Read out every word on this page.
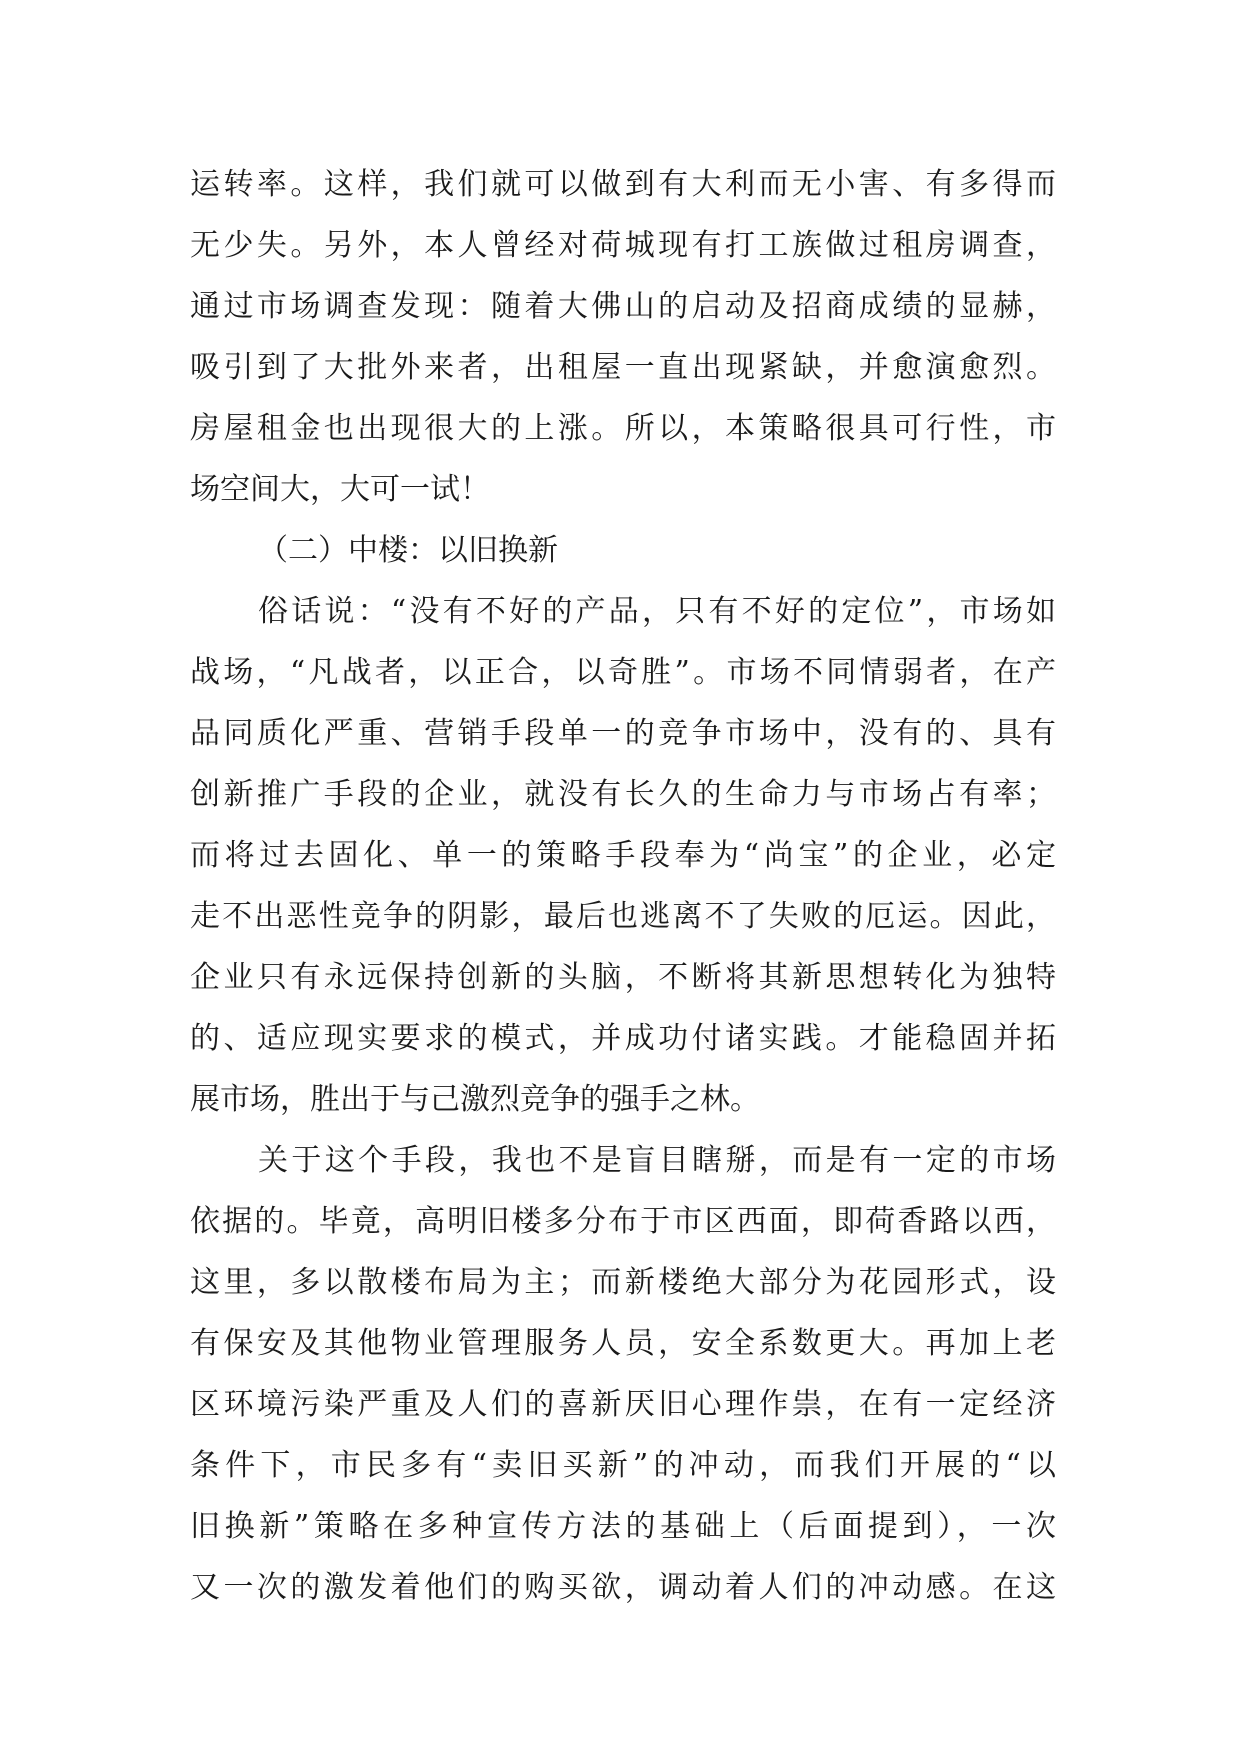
运转率。这样，我们就可以做到有大利而无小害、有多得而
无少失。另外，本人曾经对荷城现有打工族做过租房调查，
通过市场调查发现：随着大佛山的启动及招商成绩的显赫，
吸引到了大批外来者，出租屋一直出现紧缺，并愈演愈烈。
房屋租金也出现很大的上涨。所以，本策略很具可行性，市
场空间大，大可一试！
（二）中楼：以旧换新
俗话说：“没有不好的产品，只有不好的定位”，市场如
战场，“凡战者，以正合，以奇胜”。市场不同情弱者，在产
品同质化严重、营销手段单一的竞争市场中，没有的、具有
创新推广手段的企业，就没有长久的生命力与市场占有率；
而将过去固化、单一的策略手段奉为“尚宝”的企业，必定
走不出恶性竞争的阴影，最后也逃离不了失败的厄运。因此，
企业只有永远保持创新的头脑，不断将其新思想转化为独特
的、适应现实要求的模式，并成功付诸实践。才能稳固并拓
展市场，胜出于与己激烈竞争的强手之林。
关于这个手段，我也不是盲目瞎掰，而是有一定的市场
依据的。毕竟，高明旧楼多分布于市区西面，即荷香路以西，
这里，多以散楼布局为主；而新楼绝大部分为花园形式，设
有保安及其他物业管理服务人员，安全系数更大。再加上老
区环境污染严重及人们的喜新厌旧心理作祟，在有一定经济
条件下，市民多有“卖旧买新”的冲动，而我们开展的“以
旧换新”策略在多种宣传方法的基础上（后面提到），一次
又一次的激发着他们的购买欲，调动着人们的冲动感。在这
